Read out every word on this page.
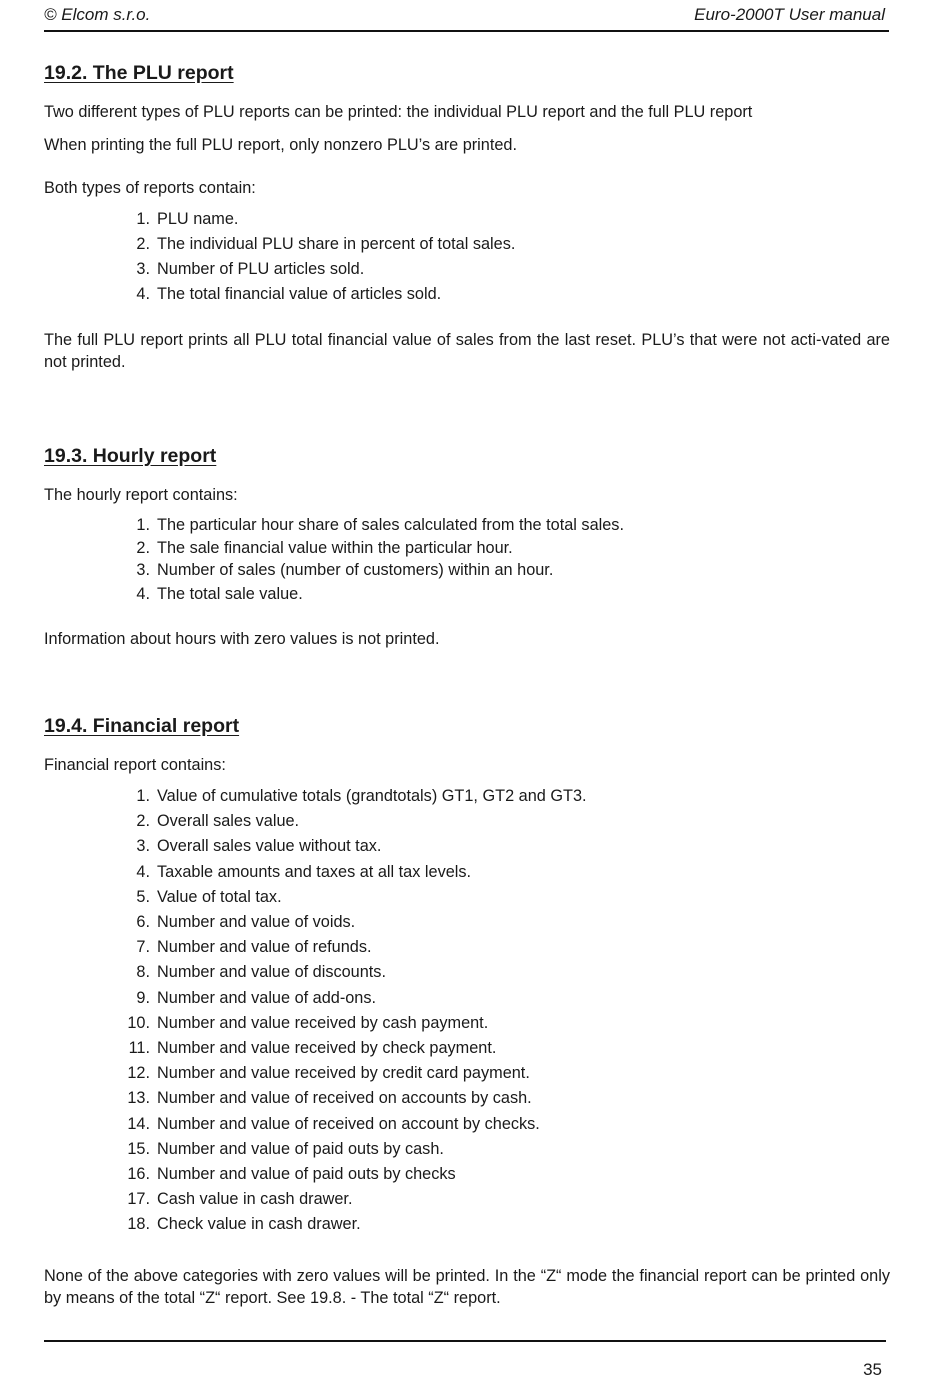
© Elcom s.r.o.	Euro-2000T User manual
19.2. The PLU report

Two different types of PLU reports can be printed: the individual PLU report and the full PLU report

When printing the full PLU report, only nonzero PLU’s are printed.

Both types of reports contain:

1. PLU name.
2. The individual PLU share in percent of total sales.
3. Number of PLU articles sold.
4. The total financial value of articles sold.

The full PLU report prints all PLU total financial value of sales from the last reset. PLU’s that were not acti-vated are not printed.

19.3. Hourly report

The hourly report contains:

1. The particular hour share of sales calculated from the total sales.
2. The sale financial value within the particular hour.
3. Number of sales (number of customers) within an hour.
4. The total sale value.

Information about hours with zero values is not printed.

19.4. Financial report

Financial report contains:

1. Value of cumulative totals (grandtotals) GT1, GT2 and GT3.
2. Overall sales value.
3. Overall sales value without tax.
4. Taxable amounts and taxes at all tax levels.
5. Value of total tax.
6. Number and value of voids.
7. Number and value of refunds.
8. Number and value of discounts.
9. Number and value of add-ons.
10. Number and value received by cash payment.
11. Number and value received by check payment.
12. Number and value received by credit card payment.
13. Number and value of received on accounts by cash.
14. Number and value of received on account by checks.
15. Number and value of paid outs by cash.
16. Number and value of paid outs by checks
17. Cash value in cash drawer.
18. Check value in cash drawer.

None of the above categories with zero values will be printed. In the “Z“ mode the financial report can be printed only by means of the total “Z“ report. See 19.8. - The total “Z“ report.

35
